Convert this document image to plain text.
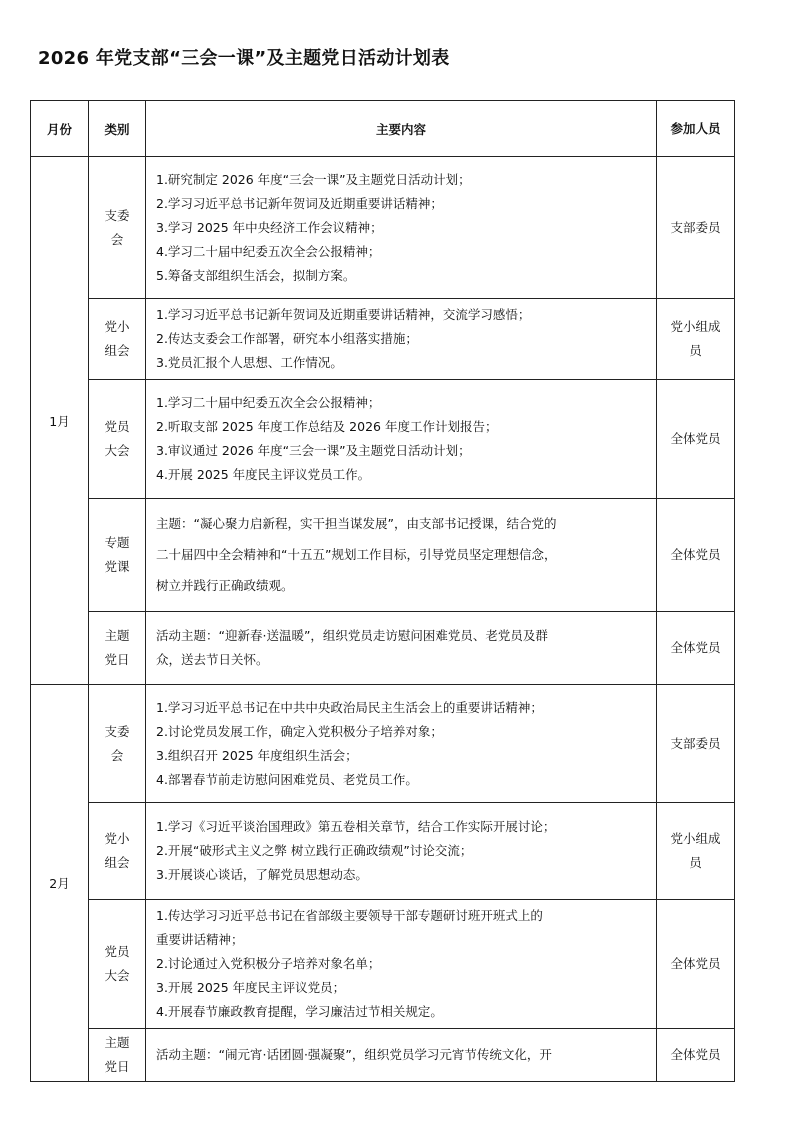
2026 年党支部“三会一课”及主题党日活动计划表
月份	类别	主要内容	参加人员
1月	支委会	1.研究制定 2026 年度“三会一课”及主题党日活动计划；
2.学习习近平总书记新年贺词及近期重要讲话精神；
3.学习 2025 年中央经济工作会议精神；
4.学习二十届中纪委五次全会公报精神；
5.筹备支部组织生活会，拟制方案。	支部委员
	党小组会	1.学习习近平总书记新年贺词及近期重要讲话精神，交流学习感悟；
2.传达支委会工作部署，研究本小组落实措施；
3.党员汇报个人思想、工作情况。	党小组成员
	党员大会	1.学习二十届中纪委五次全会公报精神；
2.听取支部 2025 年度工作总结及 2026 年度工作计划报告；
3.审议通过 2026 年度“三会一课”及主题党日活动计划；
4.开展 2025 年度民主评议党员工作。	全体党员
	专题党课	主题：“凝心聚力启新程，实干担当谋发展”，由支部书记授课，结合党的
二十届四中全会精神和“十五五”规划工作目标，引导党员坚定理想信念，
树立并践行正确政绩观。	全体党员
	主题党日	活动主题：“迎新春·送温暖”，组织党员走访慰问困难党员、老党员及群
众，送去节日关怀。	全体党员
2月	支委会	1.学习习近平总书记在中共中央政治局民主生活会上的重要讲话精神；
2.讨论党员发展工作，确定入党积极分子培养对象；
3.组织召开 2025 年度组织生活会；
4.部署春节前走访慰问困难党员、老党员工作。	支部委员
	党小组会	1.学习《习近平谈治国理政》第五卷相关章节，结合工作实际开展讨论；
2.开展“破形式主义之弊 树立践行正确政绩观”讨论交流；
3.开展谈心谈话，了解党员思想动态。	党小组成员
	党员大会	1.传达学习习近平总书记在省部级主要领导干部专题研讨班开班式上的
重要讲话精神；
2.讨论通过入党积极分子培养对象名单；
3.开展 2025 年度民主评议党员；
4.开展春节廉政教育提醒，学习廉洁过节相关规定。	全体党员
	主题党日	活动主题：“闹元宵·话团圆·强凝聚”，组织党员学习元宵节传统文化，开	全体党员
